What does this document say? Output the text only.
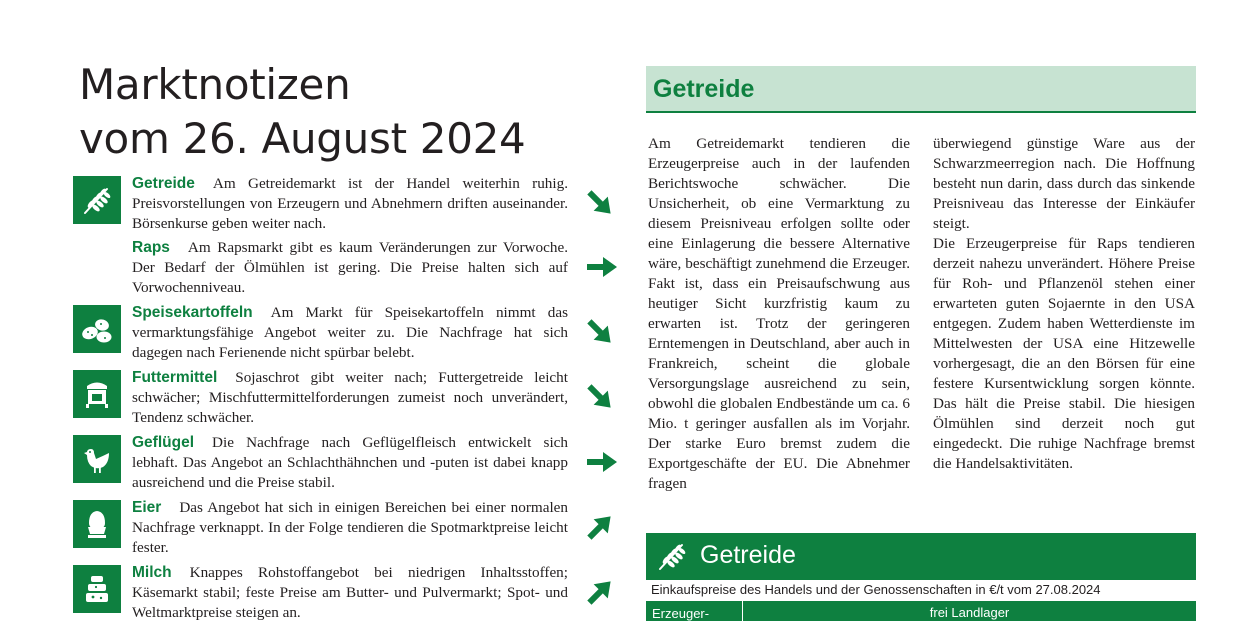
Marktnotizen
vom 26. August 2024
Getreide Am Getreidemarkt ist der Handel weiterhin ruhig. Preisvorstellungen von Erzeugern und Abnehmern driften auseinander. Börsenkurse geben weiter nach.
Raps Am Rapsmarkt gibt es kaum Veränderungen zur Vorwoche. Der Bedarf der Ölmühlen ist gering. Die Preise halten sich auf Vorwochenniveau.
Speisekartoffeln Am Markt für Speisekartoffeln nimmt das vermarktungsfähige Angebot weiter zu. Die Nachfrage hat sich dagegen nach Ferienende nicht spürbar belebt.
Futtermittel Sojaschrot gibt weiter nach; Futtergetreide leicht schwächer; Mischfuttermittelforderungen zumeist noch unverändert, Tendenz schwächer.
Geflügel Die Nachfrage nach Geflügelfleisch entwickelt sich lebhaft. Das Angebot an Schlachthähnchen und -puten ist dabei knapp ausreichend und die Preise stabil.
Eier Das Angebot hat sich in einigen Bereichen bei einer normalen Nachfrage verknappt. In der Folge tendieren die Spotmarktpreise leicht fester.
Milch Knappes Rohstoffangebot bei niedrigen Inhaltsstoffen; Käsemarkt stabil; feste Preise am Butter- und Pulvermarkt; Spot- und Weltmarktpreise steigen an.
Getreide

Am Getreidemarkt tendieren die Erzeugerpreise auch in der laufenden Berichtswoche schwächer. Die Unsicherheit, ob eine Vermarktung zu diesem Preisniveau erfolgen sollte oder eine Einlagerung die bessere Alternative wäre, beschäftigt zunehmend die Erzeuger. Fakt ist, dass ein Preisaufschwung aus heutiger Sicht kurzfristig kaum zu erwarten ist. Trotz der geringeren Erntemengen in Deutschland, aber auch in Frankreich, scheint die globale Versorgungslage ausreichend zu sein, obwohl die globalen Endbestände um ca. 6 Mio. t geringer ausfallen als im Vorjahr. Der starke Euro bremst zudem die Exportgeschäfte der EU. Die Abnehmer fragen

überwiegend günstige Ware aus der Schwarzmeerregion nach. Die Hoffnung besteht nun darin, dass durch das sinkende Preisniveau das Interesse der Einkäufer steigt.

Die Erzeugerpreise für Raps tendieren derzeit nahezu unverändert. Höhere Preise für Roh- und Pflanzenöl stehen einer erwarteten guten Sojaernte in den USA entgegen. Zudem haben Wetterdienste im Mittelwesten der USA eine Hitzewelle vorhergesagt, die an den Börsen für eine festere Kursentwicklung sorgen könnte. Das hält die Preise stabil. Die hiesigen Ölmühlen sind derzeit noch gut eingedeckt. Die ruhige Nachfrage bremst die Handelsaktivitäten.

Getreide
Einkaufspreise des Handels und der Genossenschaften in €/t vom 27.08.2024
Erzeuger-	frei Landlager
